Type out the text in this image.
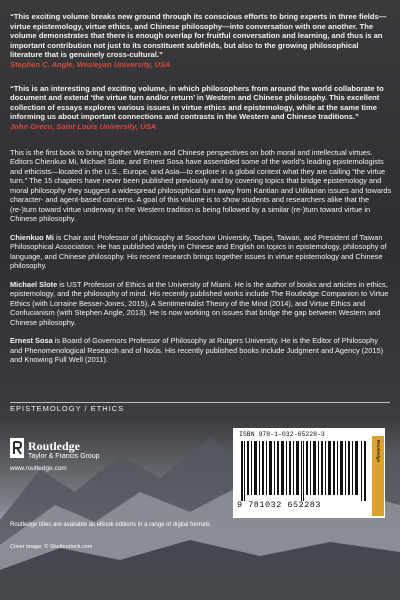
“This exciting volume breaks new ground through its conscious efforts to bring experts in three fields—virtue epistemology, virtue ethics, and Chinese philosophy—into conversation with one another. The volume demonstrates that there is enough overlap for fruitful conversation and learning, and thus is an important contribution not just to its constituent subfields, but also to the growing philosophical literature that is genuinely cross-cultural.”

Stephen C. Angle, Wesleyan University, USA

“This is an interesting and exciting volume, in which philosophers from around the world collaborate to document and extend ‘the virtue turn and/or return’ in Western and Chinese philosophy. This excellent collection of essays explores various issues in virtue ethics and epistemology, while at the same time informing us about important connections and contrasts in the Western and Chinese traditions.”

John Greco, Saint Louis University, USA

This is the first book to bring together Western and Chinese perspectives on both moral and intellectual virtues. Editors Chienkuo Mi, Michael Slote, and Ernest Sosa have assembled some of the world’s leading epistemologists and ethicists—located in the U.S., Europe, and Asia—to explore in a global context what they are calling “the virtue turn.” The 15 chapters have never been published previously and by covering topics that bridge epistemology and moral philosophy they suggest a widespread philosophical turn away from Kantian and Utilitarian issues and towards character- and agent-based concerns. A goal of this volume is to show students and researchers alike that the (re-)turn toward virtue underway in the Western tradition is being followed by a similar (re-)turn toward virtue in Chinese philosophy.

Chienkuo Mi is Chair and Professor of philosophy at Soochow University, Taipei, Taiwan, and President of Taiwan Philosophical Association. He has published widely in Chinese and English on topics in epistemology, philosophy of language, and Chinese philosophy. His recent research brings together issues in virtue epistemology and Chinese philosophy.

Michael Slote is UST Professor of Ethics at the University of Miami. He is the author of books and articles in ethics, epistemology, and the philosophy of mind. His recently published works include The Routledge Companion to Virtue Ethics (with Lorraine Besser-Jones, 2015), A Sentimentalist Theory of the Mind (2014), and Virtue Ethics and Confucianism (with Stephen Angle, 2013). He is now working on issues that bridge the gap between Western and Chinese philosophy.

Ernest Sosa is Board of Governors Professor of Philosophy at Rutgers University. He is the Editor of Philosophy and Phenomenological Research and of Noûs. His recently published books include Judgment and Agency (2015) and Knowing Full Well (2011).

EPISTEMOLOGY / ETHICS
Routledge
Taylor & Francis Group
www.routledge.com
ISBN 978-1-032-65228-3
9 781032 652283
Routledge
Routledge titles are available as eBook editions in a range of digital formats
Cover image: © Shutterstock.com
